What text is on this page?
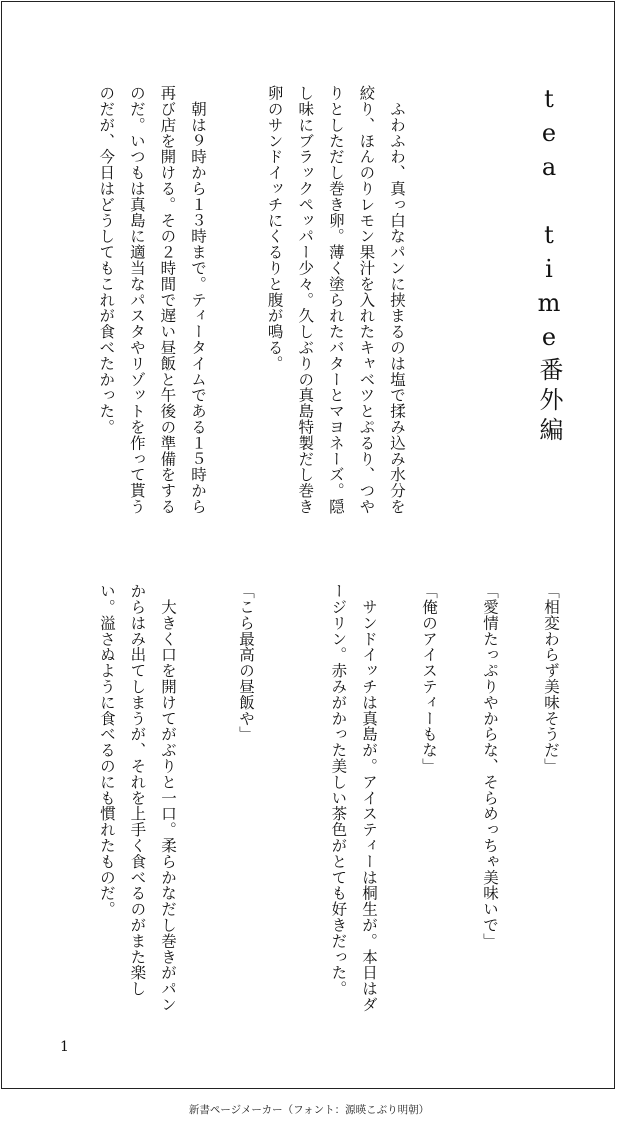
tea time番外編
　ふわふわ、真っ白なパンに挟まるのは塩で揉み込み水分を絞り、ほんのりレモン果汁を入れたキャベツとぷるり、つやりとしただし巻き卵。薄く塗られたバターとマヨネーズ。隠し味にブラックペッパー少々。久しぶりの真島特製だし巻き卵のサンドイッチにくるりと腹が鳴る。
　朝は９時から１３時まで。ティータイムである１５時から再び店を開ける。その２時間で遅い昼飯と午後の準備をするのだ。いつもは真島に適当なパスタやリゾットを作って貰うのだが、今日はどうしてもこれが食べたかった。
「相変わらず美味そうだ」
「愛情たっぷりやからな、そらめっちゃ美味いで」
「俺のアイスティーもな」
　サンドイッチは真島が。アイスティーは桐生が。本日はダージリン。赤みがかった美しい茶色がとても好きだった。
「こら最高の昼飯や」
　大きく口を開けてがぶりと一口。柔らかなだし巻きがパンからはみ出てしまうが、それを上手く食べるのがまた楽しい。溢さぬように食べるのにも慣れたものだ。
1
新書ページメーカー（フォント：源暎こぶり明朝）
